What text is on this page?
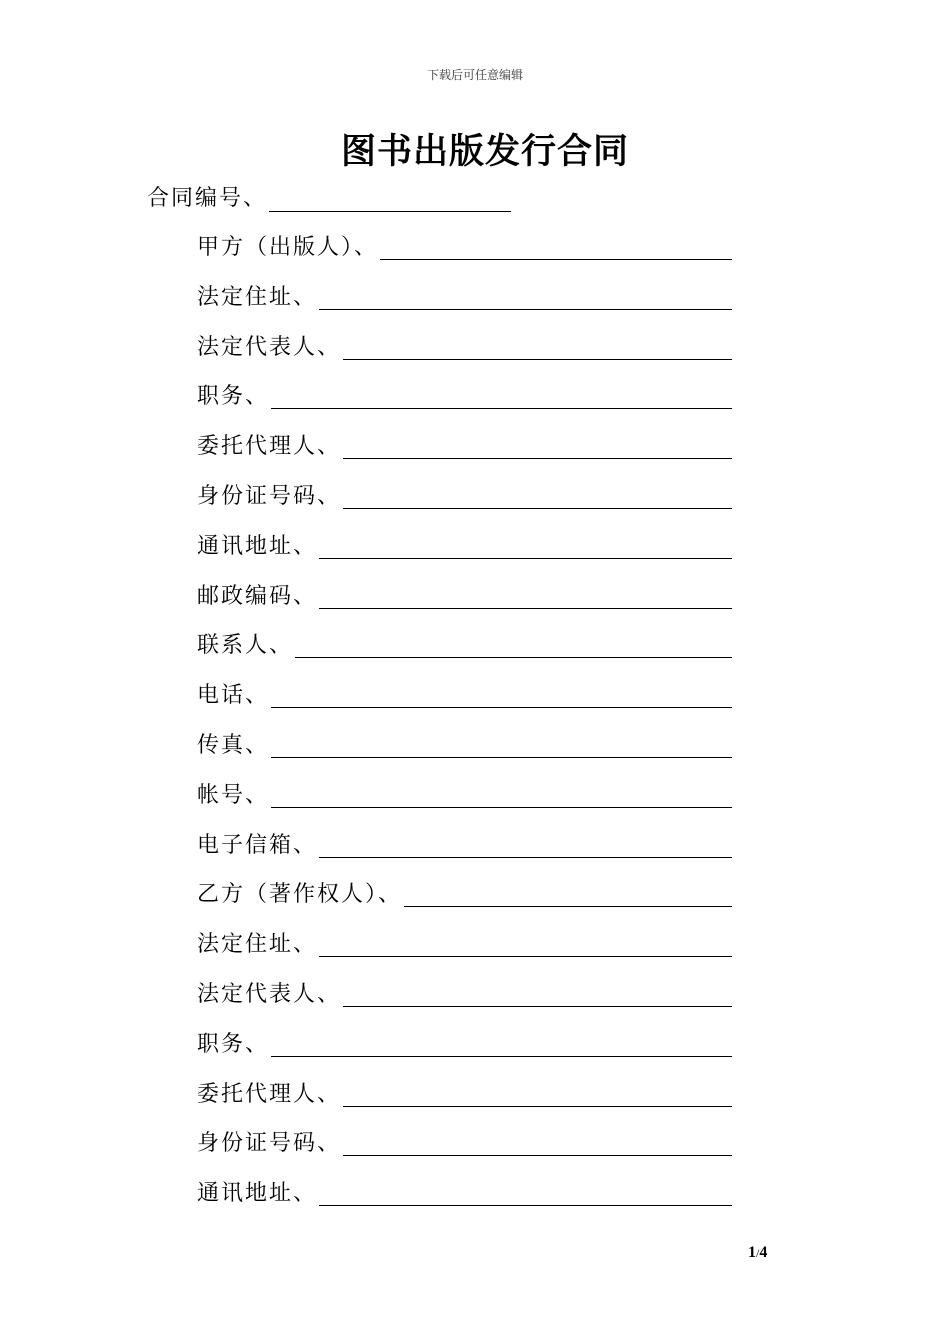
下载后可任意编辑
图书出版发行合同
合同编号、
甲方（出版人）、
法定住址、
法定代表人、
职务、
委托代理人、
身份证号码、
通讯地址、
邮政编码、
联系人、
电话、
传真、
帐号、
电子信箱、
乙方（著作权人）、
法定住址、
法定代表人、
职务、
委托代理人、
身份证号码、
通讯地址、
1/4
